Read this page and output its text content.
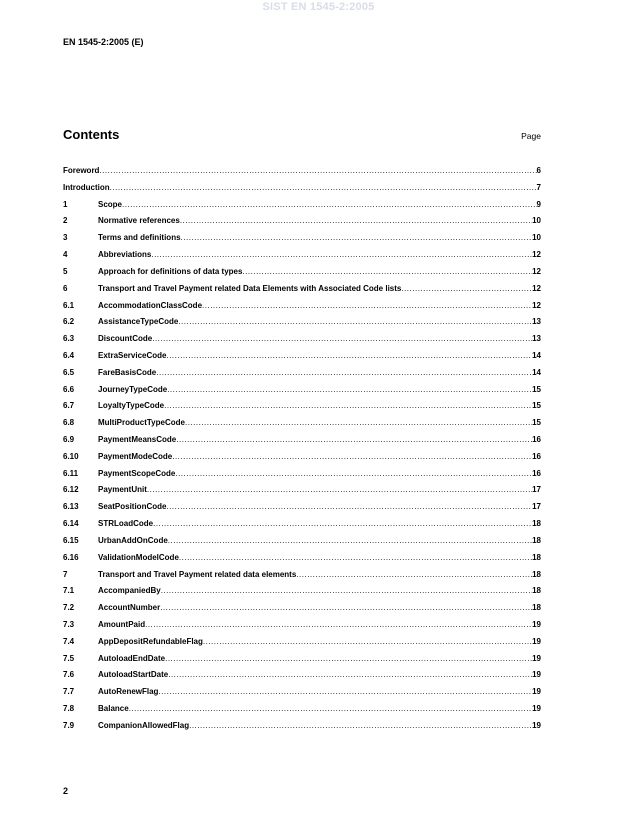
SIST EN 1545-2:2005
EN 1545-2:2005 (E)
Contents	Page
Foreword .....	6
Introduction .....	7
1	Scope .....	9
2	Normative references .....	10
3	Terms and definitions .....	10
4	Abbreviations .....	12
5	Approach for definitions of data types .....	12
6	Transport and Travel Payment related Data Elements with Associated Code lists .....	12
6.1	AccommodationClassCode .....	12
6.2	AssistanceTypeCode .....	13
6.3	DiscountCode .....	13
6.4	ExtraServiceCode .....	14
6.5	FareBasisCode .....	14
6.6	JourneyTypeCode .....	15
6.7	LoyaltyTypeCode .....	15
6.8	MultiProductTypeCode .....	15
6.9	PaymentMeansCode .....	16
6.10	PaymentModeCode .....	16
6.11	PaymentScopeCode .....	16
6.12	PaymentUnit .....	17
6.13	SeatPositionCode .....	17
6.14	STRLoadCode .....	18
6.15	UrbanAddOnCode .....	18
6.16	ValidationModelCode .....	18
7	Transport and Travel Payment related data elements .....	18
7.1	AccompaniedBy .....	18
7.2	AccountNumber .....	18
7.3	AmountPaid .....	19
7.4	AppDepositRefundableFlag .....	19
7.5	AutoloadEndDate .....	19
7.6	AutoloadStartDate .....	19
7.7	AutoRenewFlag .....	19
7.8	Balance .....	19
7.9	CompanionAllowedFlag .....	19
2
